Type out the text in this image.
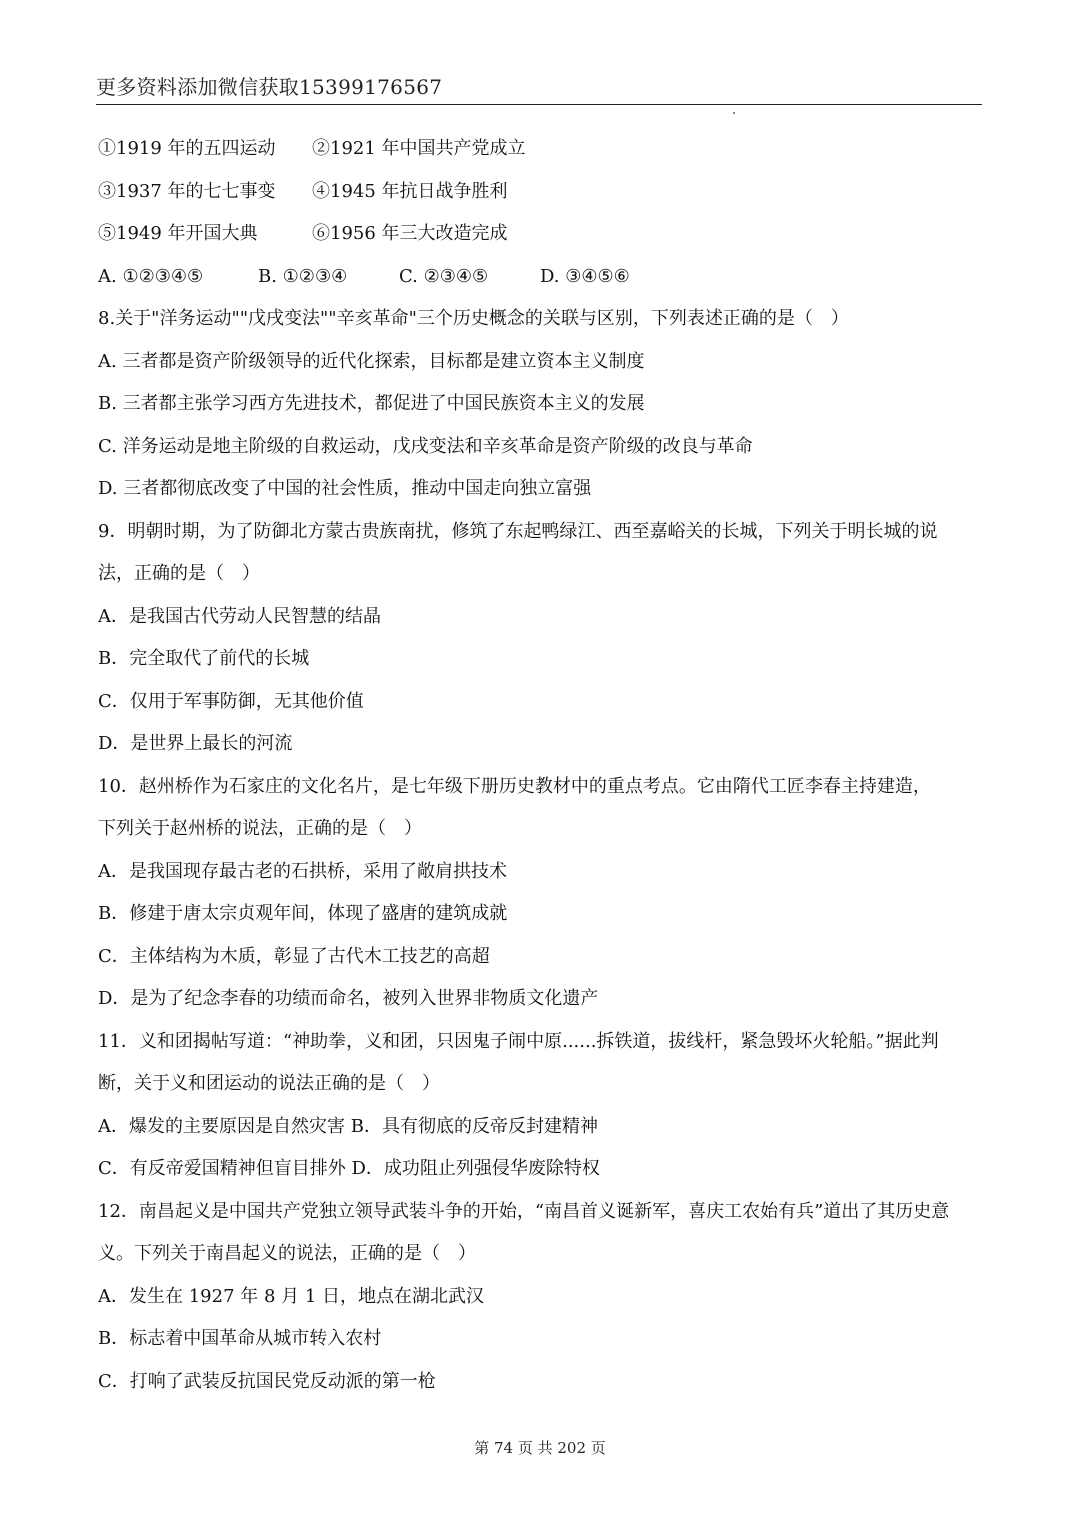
更多资料添加微信获取15399176567
①1919 年的五四运动 ②1921 年中国共产党成立
③1937 年的七七事变 ④1945 年抗日战争胜利
⑤1949 年开国大典	⑥1956 年三大改造完成
A. ①②③④⑤	B. ①②③④	C. ②③④⑤	D. ③④⑤⑥
8.关于"洋务运动""戊戌变法""辛亥革命"三个历史概念的关联与区别，下列表述正确的是（　）
A. 三者都是资产阶级领导的近代化探索，目标都是建立资本主义制度
B. 三者都主张学习西方先进技术，都促进了中国民族资本主义的发展
C. 洋务运动是地主阶级的自救运动，戊戌变法和辛亥革命是资产阶级的改良与革命
D. 三者都彻底改变了中国的社会性质，推动中国走向独立富强
9．明朝时期，为了防御北方蒙古贵族南扰，修筑了东起鸭绿江、西至嘉峪关的长城，下列关于明长城的说
法，正确的是（　）
A．是我国古代劳动人民智慧的结晶
B．完全取代了前代的长城
C．仅用于军事防御，无其他价值
D．是世界上最长的河流
10．赵州桥作为石家庄的文化名片，是七年级下册历史教材中的重点考点。它由隋代工匠李春主持建造，
下列关于赵州桥的说法，正确的是（　）
A．是我国现存最古老的石拱桥，采用了敞肩拱技术
B．修建于唐太宗贞观年间，体现了盛唐的建筑成就
C．主体结构为木质，彰显了古代木工技艺的高超
D．是为了纪念李春的功绩而命名，被列入世界非物质文化遗产
11．义和团揭帖写道：“神助拳，义和团，只因鬼子闹中原......拆铁道，拔线杆，紧急毁坏火轮船。”据此判
断，关于义和团运动的说法正确的是（　）
A．爆发的主要原因是自然灾害 B．具有彻底的反帝反封建精神
C．有反帝爱国精神但盲目排外 D．成功阻止列强侵华废除特权
12．南昌起义是中国共产党独立领导武装斗争的开始，“南昌首义诞新军，喜庆工农始有兵”道出了其历史意
义。下列关于南昌起义的说法，正确的是（　）
A．发生在 1927 年 8 月 1 日，地点在湖北武汉
B．标志着中国革命从城市转入农村
C．打响了武装反抗国民党反动派的第一枪
第 74 页 共 202 页
